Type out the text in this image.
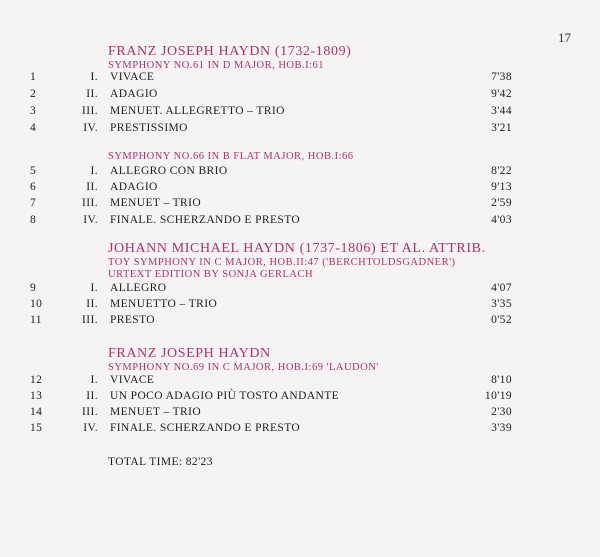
17
FRANZ JOSEPH HAYDN (1732-1809)
SYMPHONY NO.61 IN D MAJOR, HOB.I:61
1	I. VIVACE	7'38
2	II. ADAGIO	9'42
3	III. MENUET. ALLEGRETTO – TRIO	3'44
4	IV. PRESTISSIMO	3'21
SYMPHONY NO.66 IN B FLAT MAJOR, HOB.I:66
5	I. ALLEGRO CON BRIO	8'22
6	II. ADAGIO	9'13
7	III. MENUET – TRIO	2'59
8	IV. FINALE. SCHERZANDO E PRESTO	4'03
JOHANN MICHAEL HAYDN (1737-1806) ET AL. ATTRIB.
TOY SYMPHONY IN C MAJOR, HOB.II:47 ('BERCHTOLDSGADNER')
URTEXT EDITION BY SONJA GERLACH
9	I. ALLEGRO	4'07
10	II. MENUETTO – TRIO	3'35
11	III. PRESTO	0'52
FRANZ JOSEPH HAYDN
SYMPHONY NO.69 IN C MAJOR, HOB.I:69 'LAUDON'
12	I. VIVACE	8'10
13	II. UN POCO ADAGIO PIÙ TOSTO ANDANTE	10'19
14	III. MENUET – TRIO	2'30
15	IV. FINALE. SCHERZANDO E PRESTO	3'39
TOTAL TIME: 82'23
